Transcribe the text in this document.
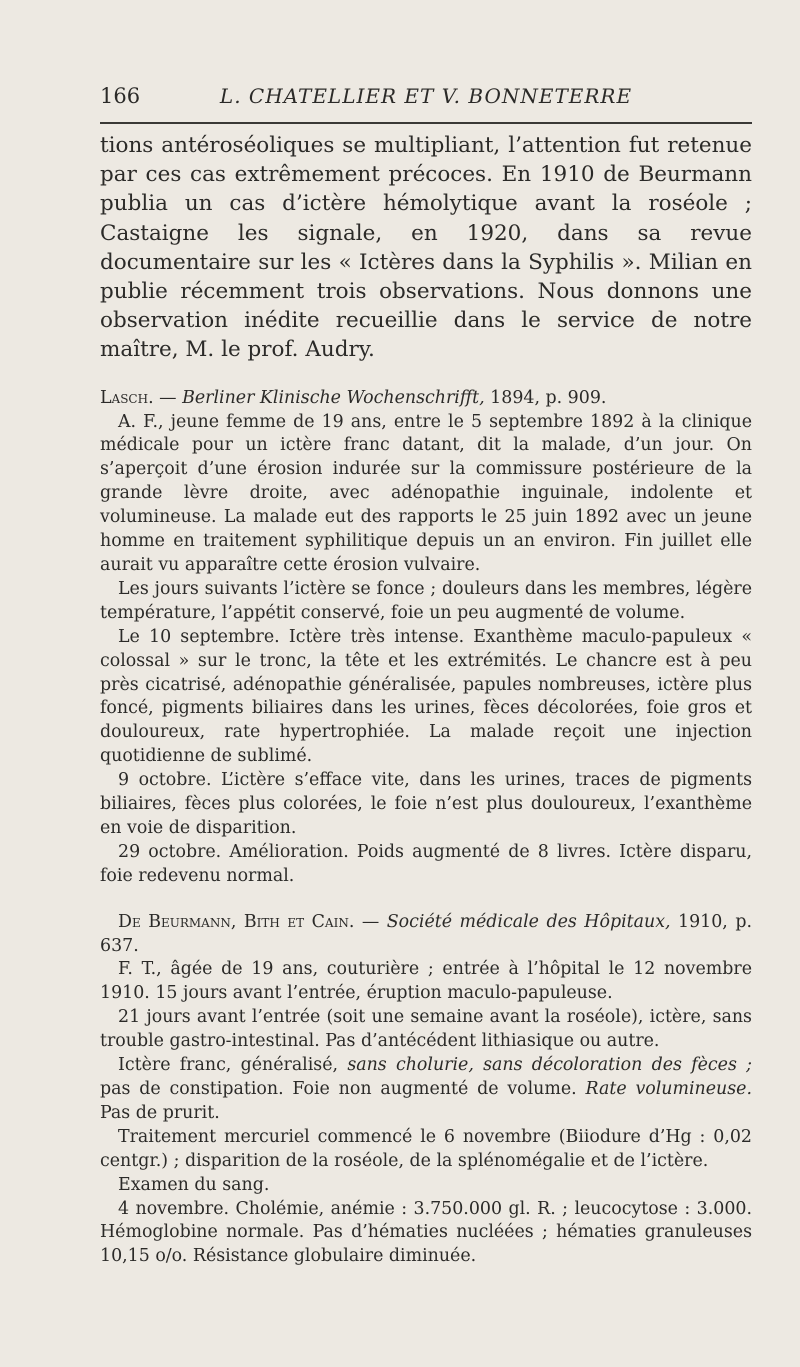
166	L. CHATELLIER ET V. BONNETERRE

tions antéroséoliques se multipliant, l’attention fut retenue par ces cas extrêmement précoces. En 1910 de Beurmann publia un cas d’ictère hémolytique avant la roséole ; Castaigne les signale, en 1920, dans sa revue documentaire sur les « Ictères dans la Syphilis ». Milian en publie récemment trois observations. Nous donnons une observation inédite recueillie dans le service de notre maître, M. le prof. Audry.

Lasch. — Berliner Klinische Wochenschrifft, 1894, p. 909.

A. F., jeune femme de 19 ans, entre le 5 septembre 1892 à la clinique médicale pour un ictère franc datant, dit la malade, d’un jour. On s’aperçoit d’une érosion indurée sur la commissure postérieure de la grande lèvre droite, avec adénopathie inguinale, indolente et volumineuse. La malade eut des rapports le 25 juin 1892 avec un jeune homme en traitement syphilitique depuis un an environ. Fin juillet elle aurait vu apparaître cette érosion vulvaire.

Les jours suivants l’ictère se fonce ; douleurs dans les membres, légère température, l’appétit conservé, foie un peu augmenté de volume.

Le 10 septembre. Ictère très intense. Exanthème maculo-papuleux « colossal » sur le tronc, la tête et les extrémités. Le chancre est à peu près cicatrisé, adénopathie généralisée, papules nombreuses, ictère plus foncé, pigments biliaires dans les urines, fèces décolorées, foie gros et douloureux, rate hypertrophiée. La malade reçoit une injection quotidienne de sublimé.

9 octobre. L’ictère s’efface vite, dans les urines, traces de pigments biliaires, fèces plus colorées, le foie n’est plus douloureux, l’exanthème en voie de disparition.

29 octobre. Amélioration. Poids augmenté de 8 livres. Ictère disparu, foie redevenu normal.

De Beurmann, Bith et Cain. — Société médicale des Hôpitaux, 1910, p. 637.

F. T., âgée de 19 ans, couturière ; entrée à l’hôpital le 12 novembre 1910. 15 jours avant l’entrée, éruption maculo-papuleuse.

21 jours avant l’entrée (soit une semaine avant la roséole), ictère, sans trouble gastro-intestinal. Pas d’antécédent lithiasique ou autre.

Ictère franc, généralisé, sans cholurie, sans décoloration des fèces ; pas de constipation. Foie non augmenté de volume. Rate volumineuse. Pas de prurit.

Traitement mercuriel commencé le 6 novembre (Biiodure d’Hg : 0,02 centgr.) ; disparition de la roséole, de la splénomégalie et de l’ictère.

Examen du sang.

4 novembre. Cholémie, anémie : 3.750.000 gl. R. ; leucocytose : 3.000. Hémoglobine normale. Pas d’hématies nucléées ; hématies granuleuses 10,15 o/o. Résistance globulaire diminuée.
